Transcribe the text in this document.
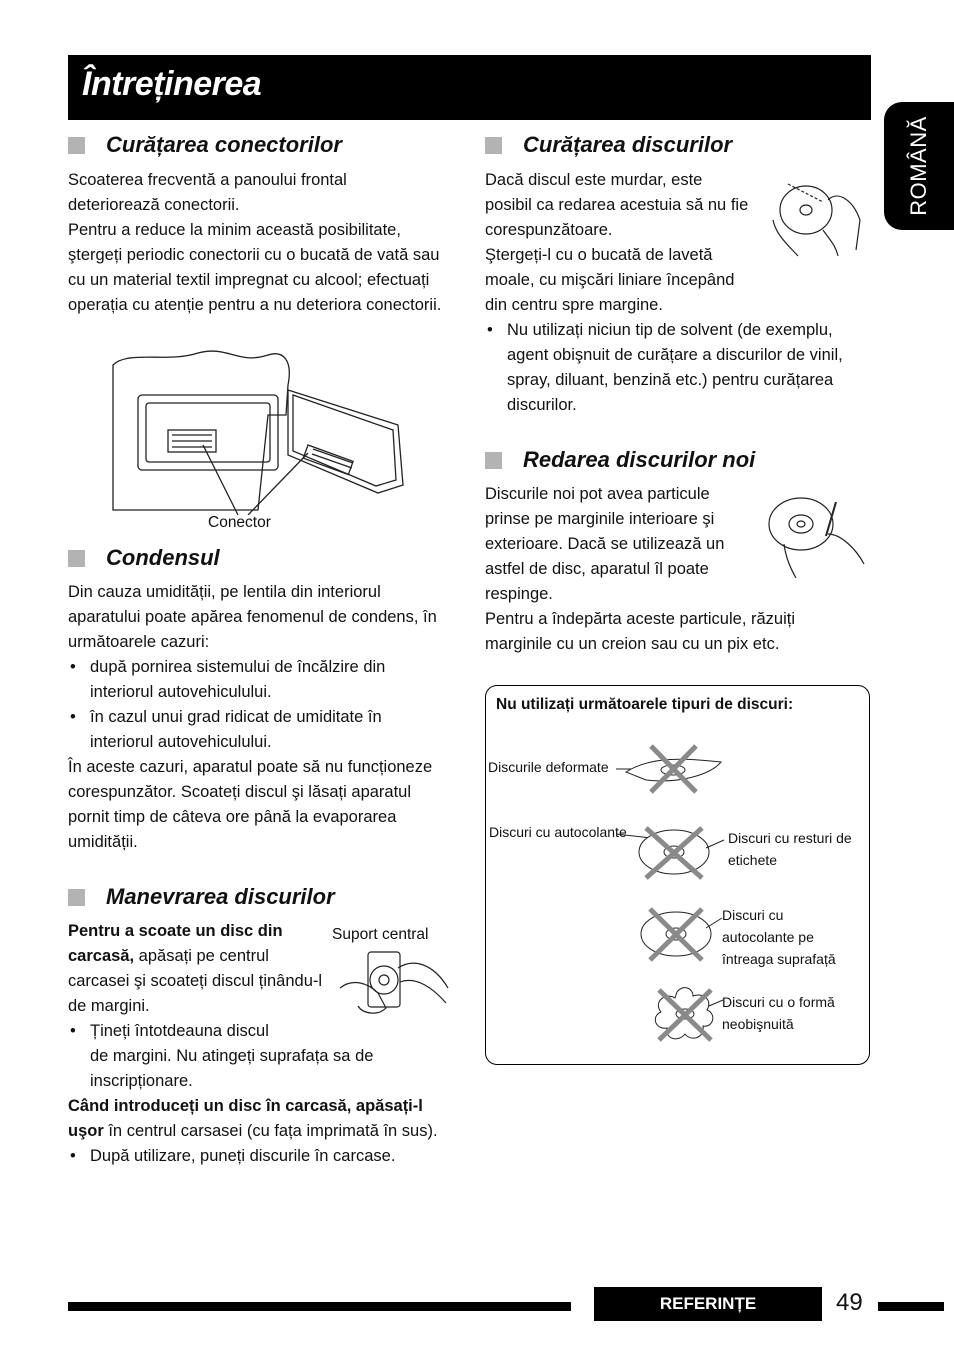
Întreținerea
ROMÂNĂ
Curățarea conectorilor

Scoaterea frecventă a panoului frontal

deteriorează conectorii.

Pentru a reduce la minim această posibilitate,

ştergeți periodic conectorii cu o bucată de vată sau

cu un material textil impregnat cu alcool; efectuați

operația cu atenție pentru a nu deteriora conectorii.

Conector
Condensul

Din cauza umidității, pe lentila din interiorul

aparatului poate apărea fenomenul de condens, în

următoarele cazuri:

• după pornirea sistemului de încălzire din
interiorul autovehiculului.
• în cazul unui grad ridicat de umiditate în
interiorul autovehiculului.

În aceste cazuri, aparatul poate să nu funcționeze

corespunzător. Scoateți discul şi lăsați aparatul

pornit timp de câteva ore până la evaporarea

umidității.

Manevrarea discurilor

Pentru a scoate un disc din

carcasă, apăsați pe centrul

carcasei şi scoateți discul ținându-l

de margini.

• Țineți întotdeauna discul
de margini. Nu atingeți suprafața sa de
inscripționare.

Când introduceți un disc în carcasă, apăsați-l

uşor în centrul carsasei (cu fața imprimată în sus).

• După utilizare, puneți discurile în carcase.
Suport central
Curățarea discurilor

Dacă discul este murdar, este

posibil ca redarea acestuia să nu fie

corespunzătoare.

Ştergeți-l cu o bucată de lavetă

moale, cu mişcări liniare începând

din centru spre margine.

• Nu utilizați niciun tip de solvent (de exemplu,
agent obişnuit de curățare a discurilor de vinil,
spray, diluant, benzină etc.) pentru curățarea
discurilor.
Redarea discurilor noi

Discurile noi pot avea particule

prinse pe marginile interioare şi

exterioare. Dacă se utilizează un

astfel de disc, aparatul îl poate

respinge.

Pentru a îndepărta aceste particule, răzuiți

marginile cu un creion sau cu un pix etc.

Nu utilizați următoarele tipuri de discuri:
Discurile deformate
Discuri cu autocolante	Discuri cu resturi de
etichete
Discuri cu
autocolante pe
întreaga suprafață
Discuri cu o formă
neobişnuită
REFERINȚE	49
